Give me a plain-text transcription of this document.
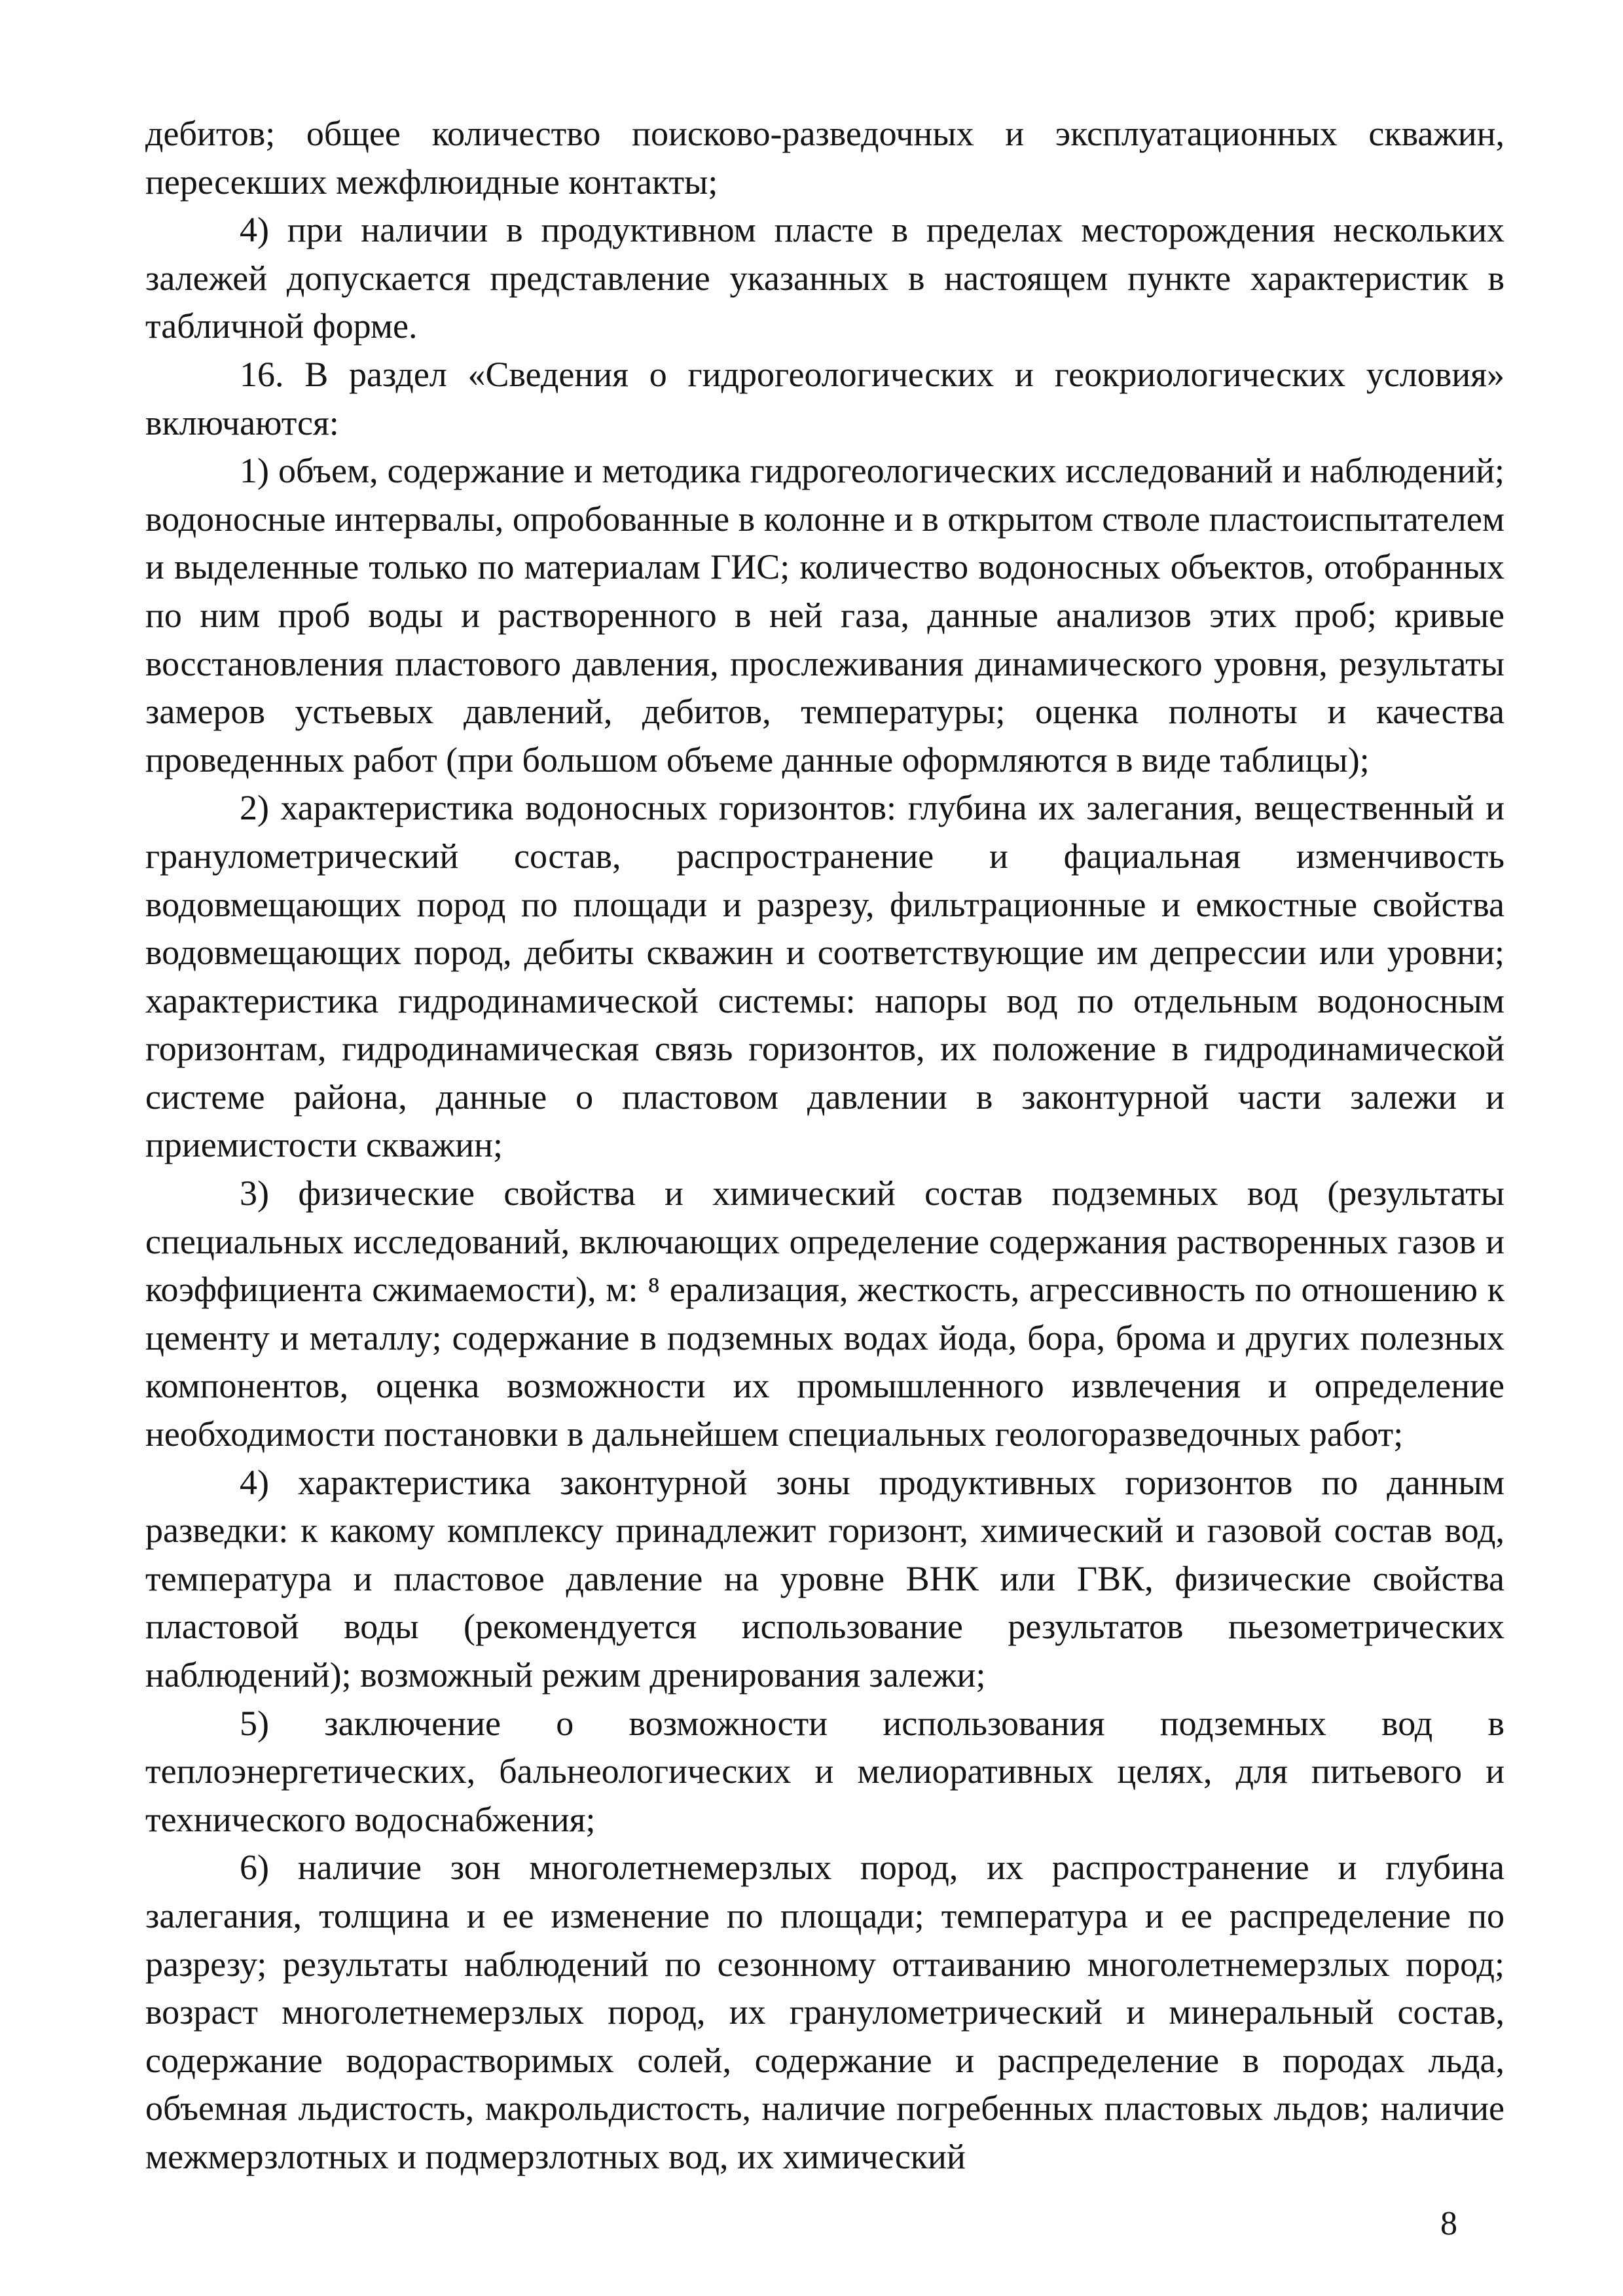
дебитов; общее количество поисково-разведочных и эксплуатационных скважин, пересекших межфлюидные контакты;

4) при наличии в продуктивном пласте в пределах месторождения нескольких залежей допускается представление указанных в настоящем пункте характеристик в табличной форме.

16. В раздел «Сведения о гидрогеологических и геокриологических условия» включаются:

1) объем, содержание и методика гидрогеологических исследований и наблюдений; водоносные интервалы, опробованные в колонне и в открытом стволе пластоиспытателем и выделенные только по материалам ГИС; количество водоносных объектов, отобранных по ним проб воды и растворенного в ней газа, данные анализов этих проб; кривые восстановления пластового давления, прослеживания динамического уровня, результаты замеров устьевых давлений, дебитов, температуры; оценка полноты и качества проведенных работ (при большом объеме данные оформляются в виде таблицы);

2) характеристика водоносных горизонтов: глубина их залегания, вещественный и гранулометрический состав, распространение и фациальная изменчивость водовмещающих пород по площади и разрезу, фильтрационные и емкостные свойства водовмещающих пород, дебиты скважин и соответствующие им депрессии или уровни; характеристика гидродинамической системы: напоры вод по отдельным водоносным горизонтам, гидродинамическая связь горизонтов, их положение в гидродинамической системе района, данные о пластовом давлении в законтурной части залежи и приемистости скважин;

3) физические свойства и химический состав подземных вод (результаты специальных исследований, включающих определение содержания растворенных газов и коэффициента сжимаемости), м: ⁸ ерализация, жесткость, агрессивность по отношению к цементу и металлу; содержание в подземных водах йода, бора, брома и других полезных компонентов, оценка возможности их промышленного извлечения и определение необходимости постановки в дальнейшем специальных геологоразведочных работ;

4) характеристика законтурной зоны продуктивных горизонтов по данным разведки: к какому комплексу принадлежит горизонт, химический и газовой состав вод, температура и пластовое давление на уровне ВНК или ГВК, физические свойства пластовой воды (рекомендуется использование результатов пьезометрических наблюдений); возможный режим дренирования залежи;

5) заключение о возможности использования подземных вод в теплоэнергетических, бальнеологических и мелиоративных целях, для питьевого и технического водоснабжения;

6) наличие зон многолетнемерзлых пород, их распространение и глубина залегания, толщина и ее изменение по площади; температура и ее распределение по разрезу; результаты наблюдений по сезонному оттаиванию многолетнемерзлых пород; возраст многолетнемерзлых пород, их гранулометрический и минеральный состав, содержание водорастворимых солей, содержание и распределение в породах льда, объемная льдистость, макрольдистость, наличие погребенных пластовых льдов; наличие межмерзлотных и подмерзлотных вод, их химический

8
